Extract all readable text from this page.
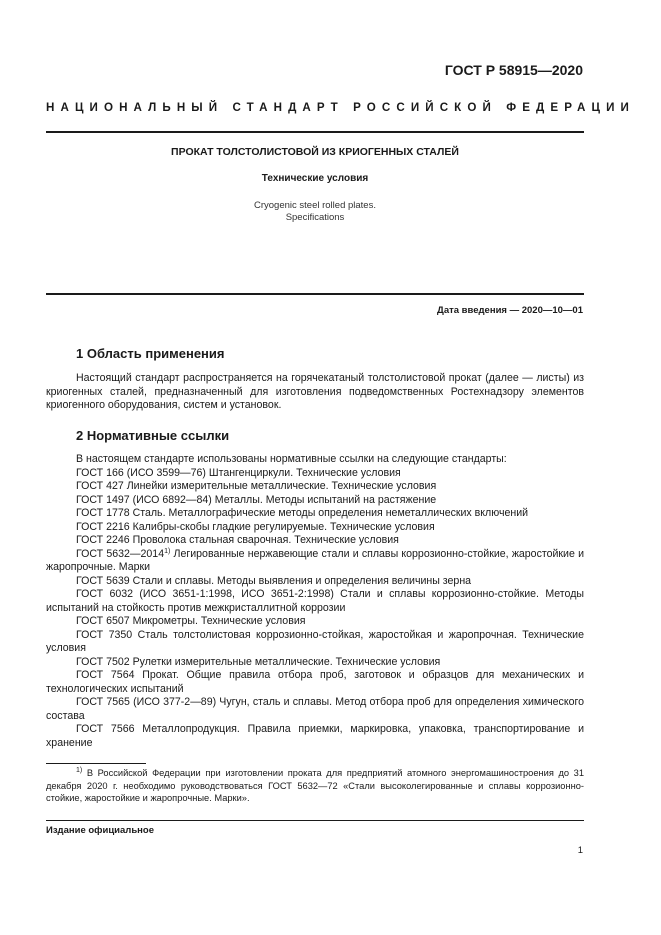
ГОСТ Р 58915—2020
НАЦИОНАЛЬНЫЙ СТАНДАРТ РОССИЙСКОЙ ФЕДЕРАЦИИ
ПРОКАТ ТОЛСТОЛИСТОВОЙ ИЗ КРИОГЕННЫХ СТАЛЕЙ
Технические условия
Cryogenic steel rolled plates.
Specifications
Дата введения — 2020—10—01
1 Область применения

Настоящий стандарт распространяется на горячекатаный толстолистовой прокат (далее — листы) из криогенных сталей, предназначенный для изготовления подведомственных Ростехнадзору элементов криогенного оборудования, систем и установок.

2 Нормативные ссылки

В настоящем стандарте использованы нормативные ссылки на следующие стандарты:

ГОСТ 166 (ИСО 3599—76) Штангенциркули. Технические условия

ГОСТ 427 Линейки измерительные металлические. Технические условия

ГОСТ 1497 (ИСО 6892—84) Металлы. Методы испытаний на растяжение

ГОСТ 1778 Сталь. Металлографические методы определения неметаллических включений

ГОСТ 2216 Калибры-скобы гладкие регулируемые. Технические условия

ГОСТ 2246 Проволока стальная сварочная. Технические условия

ГОСТ 5632—2014$^{1)}$ Легированные нержавеющие стали и сплавы коррозионно-стойкие, жаростойкие и жаропрочные. Марки

ГОСТ 5639 Стали и сплавы. Методы выявления и определения величины зерна

ГОСТ 6032 (ИСО 3651-1:1998, ИСО 3651-2:1998) Стали и сплавы коррозионно-стойкие. Методы испытаний на стойкость против межкристаллитной коррозии

ГОСТ 6507 Микрометры. Технические условия

ГОСТ 7350 Сталь толстолистовая коррозионно-стойкая, жаростойкая и жаропрочная. Технические условия

ГОСТ 7502 Рулетки измерительные металлические. Технические условия

ГОСТ 7564 Прокат. Общие правила отбора проб, заготовок и образцов для механических и технологических испытаний

ГОСТ 7565 (ИСО 377-2—89) Чугун, сталь и сплавы. Метод отбора проб для определения химического состава

ГОСТ 7566 Металлопродукция. Правила приемки, маркировка, упаковка, транспортирование и хранение

$^{1)}$ В Российской Федерации при изготовлении проката для предприятий атомного энергомашиностроения до 31 декабря 2020 г. необходимо руководствоваться ГОСТ 5632—72 «Стали высоколегированные и сплавы коррозионно-стойкие, жаростойкие и жаропрочные. Марки».

Издание официальное
1
